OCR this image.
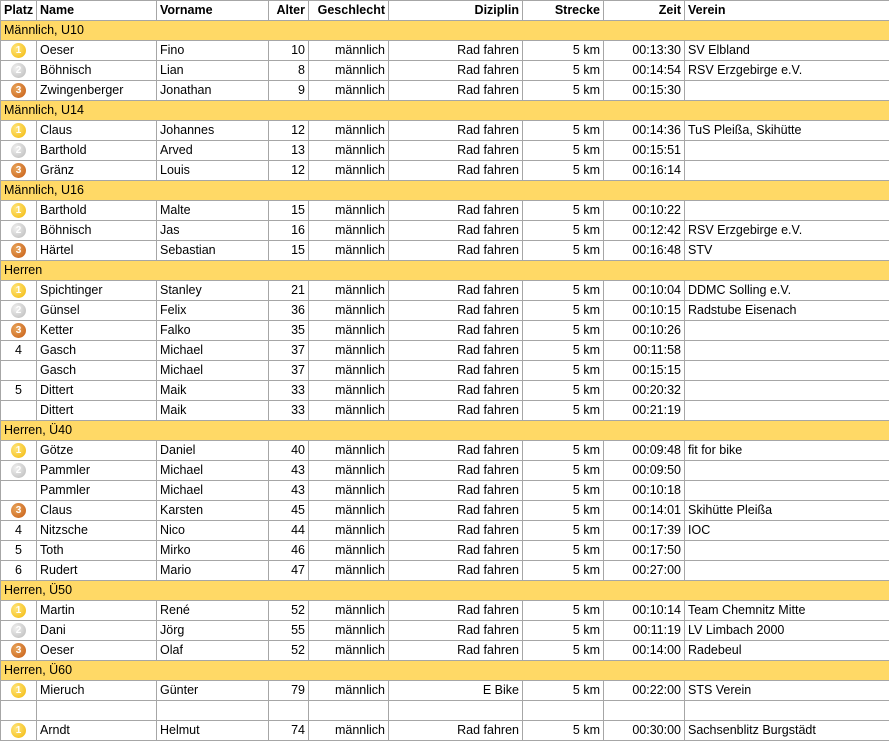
Platz	Name	Vorname	Alter	Geschlecht	Diziplin	Strecke	Zeit	Verein
Männlich, U10								
1	Oeser	Fino	10	männlich	Rad fahren	5 km	00:13:30	SV Elbland
2	Böhnisch	Lian	8	männlich	Rad fahren	5 km	00:14:54	RSV Erzgebirge e.V.
3	Zwingenberger	Jonathan	9	männlich	Rad fahren	5 km	00:15:30	
Männlich, U14								
1	Claus	Johannes	12	männlich	Rad fahren	5 km	00:14:36	TuS Pleißa, Skihütte
2	Barthold	Arved	13	männlich	Rad fahren	5 km	00:15:51	
3	Gränz	Louis	12	männlich	Rad fahren	5 km	00:16:14	
Männlich, U16								
1	Barthold	Malte	15	männlich	Rad fahren	5 km	00:10:22	
2	Böhnisch	Jas	16	männlich	Rad fahren	5 km	00:12:42	RSV Erzgebirge e.V.
3	Härtel	Sebastian	15	männlich	Rad fahren	5 km	00:16:48	STV
Herren								
1	Spichtinger	Stanley	21	männlich	Rad fahren	5 km	00:10:04	DDMC Solling e.V.
2	Günsel	Felix	36	männlich	Rad fahren	5 km	00:10:15	Radstube Eisenach
3	Ketter	Falko	35	männlich	Rad fahren	5 km	00:10:26	
4	Gasch	Michael	37	männlich	Rad fahren	5 km	00:11:58	
	Gasch	Michael	37	männlich	Rad fahren	5 km	00:15:15	
5	Dittert	Maik	33	männlich	Rad fahren	5 km	00:20:32	
	Dittert	Maik	33	männlich	Rad fahren	5 km	00:21:19	
Herren, Ü40								
1	Götze	Daniel	40	männlich	Rad fahren	5 km	00:09:48	fit for bike
2	Pammler	Michael	43	männlich	Rad fahren	5 km	00:09:50	
	Pammler	Michael	43	männlich	Rad fahren	5 km	00:10:18	
3	Claus	Karsten	45	männlich	Rad fahren	5 km	00:14:01	Skihütte Pleißa
4	Nitzsche	Nico	44	männlich	Rad fahren	5 km	00:17:39	IOC
5	Toth	Mirko	46	männlich	Rad fahren	5 km	00:17:50	
6	Rudert	Mario	47	männlich	Rad fahren	5 km	00:27:00	
Herren, Ü50								
1	Martin	René	52	männlich	Rad fahren	5 km	00:10:14	Team Chemnitz Mitte
2	Dani	Jörg	55	männlich	Rad fahren	5 km	00:11:19	LV Limbach 2000
3	Oeser	Olaf	52	männlich	Rad fahren	5 km	00:14:00	Radebeul
Herren, Ü60								
1	Mieruch	Günter	79	männlich	E Bike	5 km	00:22:00	STS Verein

1	Arndt	Helmut	74	männlich	Rad fahren	5 km	00:30:00	Sachsenblitz Burgstädt
